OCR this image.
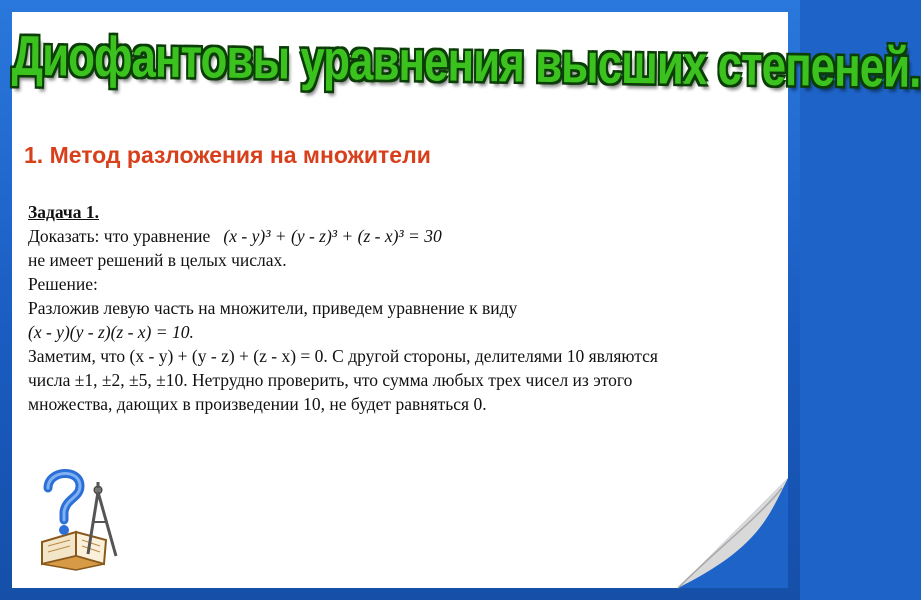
Диофантовы уравнения высших степеней.
1. Метод разложения на множители
Задача 1.
Доказать: что уравнение (x - y)³ + (y - z)³ + (z - x)³ = 30
не имеет решений в целых числах.
Решение:
Разложив левую часть на множители, приведем уравнение к виду
(x - y)(y - z)(z - x) = 10.
Заметим, что (x - y) + (y - z) + (z - x) = 0. С другой стороны, делителями 10 являются
числа ±1, ±2, ±5, ±10. Нетрудно проверить, что сумма любых трех чисел из этого
множества, дающих в произведении 10, не будет равняться 0.
